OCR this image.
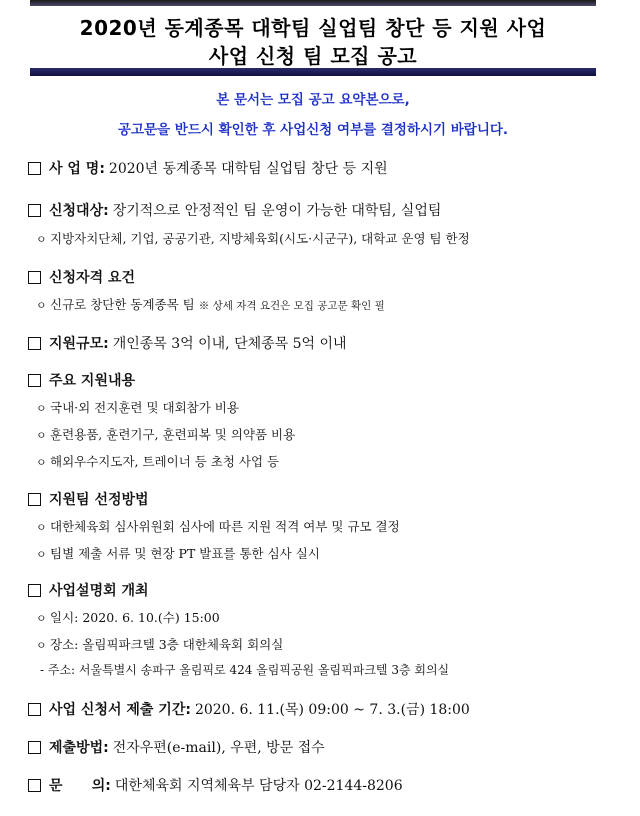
2020년 동계종목 대학팀 실업팀 창단 등 지원 사업
사업 신청 팀 모집 공고
본 문서는 모집 공고 요약본으로,
공고문을 반드시 확인한 후 사업신청 여부를 결정하시기 바랍니다.
사 업 명: 2020년 동계종목 대학팀 실업팀 창단 등 지원
신청대상: 장기적으로 안정적인 팀 운영이 가능한 대학팀, 실업팀
ㅇ 지방자치단체, 기업, 공공기관, 지방체육회(시도·시군구), 대학교 운영 팀 한정
신청자격 요건
ㅇ 신규로 창단한 동계종목 팀 ※ 상세 자격 요건은 모집 공고문 확인 필
지원규모: 개인종목 3억 이내, 단체종목 5억 이내
주요 지원내용
ㅇ 국내·외 전지훈련 및 대회참가 비용
ㅇ 훈련용품, 훈련기구, 훈련피복 및 의약품 비용
ㅇ 해외우수지도자, 트레이너 등 초청 사업 등
지원팀 선정방법
ㅇ 대한체육회 심사위원회 심사에 따른 지원 적격 여부 및 규모 결정
ㅇ 팀별 제출 서류 및 현장 PT 발표를 통한 심사 실시
사업설명회 개최
ㅇ 일시: 2020. 6. 10.(수) 15:00
ㅇ 장소: 올림픽파크텔 3층 대한체육회 회의실
- 주소: 서울특별시 송파구 올림픽로 424 올림픽공원 올림픽파크텔 3층 회의실
사업 신청서 제출 기간: 2020. 6. 11.(목) 09:00 ~ 7. 3.(금) 18:00
제출방법: 전자우편(e-mail), 우편, 방문 접수
문      의: 대한체육회 지역체육부 담당자 02-2144-8206
